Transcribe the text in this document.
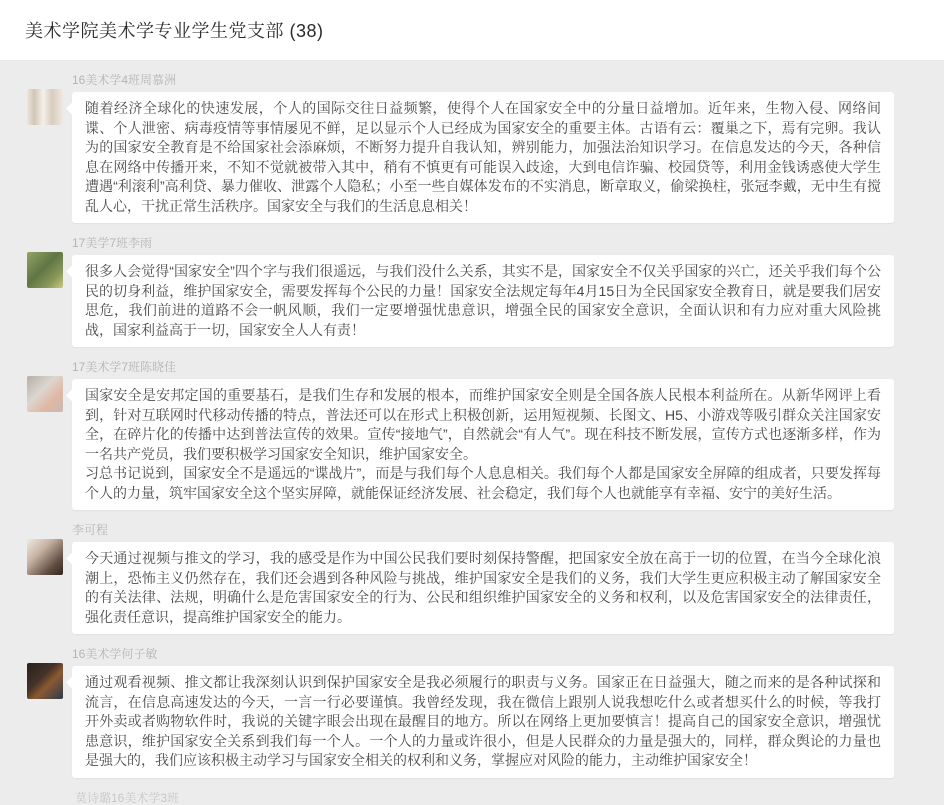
美术学院美术学专业学生党支部 (38)
16美术学4班周慕洲

随着经济全球化的快速发展，个人的国际交往日益频繁，使得个人在国家安全中的分量日益增加。近年来，生物入侵、网络间谍、个人泄密、病毒疫情等事情屡见不鲜，足以显示个人已经成为国家安全的重要主体。古语有云：覆巢之下，焉有完卵。我认为的国家安全教育是不给国家社会添麻烦，不断努力提升自我认知，辨别能力，加强法治知识学习。在信息发达的今天，各种信息在网络中传播开来，不知不觉就被带入其中，稍有不慎更有可能误入歧途，大到电信诈骗、校园贷等，利用金钱诱惑使大学生遭遇“利滚利”高利贷、暴力催收、泄露个人隐私；小至一些自媒体发布的不实消息，断章取义，偷梁换柱，张冠李戴，无中生有搅乱人心，干扰正常生活秩序。国家安全与我们的生活息息相关！

17美学7班李雨

很多人会觉得“国家安全”四个字与我们很遥远，与我们没什么关系，其实不是，国家安全不仅关乎国家的兴亡，还关乎我们每个公民的切身利益，维护国家安全，需要发挥每个公民的力量！国家安全法规定每年4月15日为全民国家安全教育日，就是要我们居安思危，我们前进的道路不会一帆风顺，我们一定要增强忧患意识，增强全民的国家安全意识，全面认识和有力应对重大风险挑战，国家利益高于一切，国家安全人人有责！

17美术学7班陈晓佳

国家安全是安邦定国的重要基石，是我们生存和发展的根本，而维护国家安全则是全国各族人民根本利益所在。从新华网评上看到，针对互联网时代移动传播的特点，普法还可以在形式上积极创新，运用短视频、长图文、H5、小游戏等吸引群众关注国家安全，在碎片化的传播中达到普法宣传的效果。宣传“接地气”，自然就会“有人气”。现在科技不断发展，宣传方式也逐渐多样，作为一名共产党员，我们要积极学习国家安全知识，维护国家安全。

习总书记说到，国家安全不是遥远的“谍战片”，而是与我们每个人息息相关。我们每个人都是国家安全屏障的组成者，只要发挥每个人的力量，筑牢国家安全这个坚实屏障，就能保证经济发展、社会稳定，我们每个人也就能享有幸福、安宁的美好生活。

李可程

今天通过视频与推文的学习，我的感受是作为中国公民我们要时刻保持警醒，把国家安全放在高于一切的位置，在当今全球化浪潮上，恐怖主义仍然存在，我们还会遇到各种风险与挑战，维护国家安全是我们的义务，我们大学生更应积极主动了解国家安全的有关法律、法规，明确什么是危害国家安全的行为、公民和组织维护国家安全的义务和权利，以及危害国家安全的法律责任，强化责任意识，提高维护国家安全的能力。

16美术学何子敏

通过观看视频、推文都让我深刻认识到保护国家安全是我必须履行的职责与义务。国家正在日益强大，随之而来的是各种试探和流言，在信息高速发达的今天，一言一行必要谨慎。我曾经发现，我在微信上跟别人说我想吃什么或者想买什么的时候，等我打开外卖或者购物软件时，我说的关键字眼会出现在最醒目的地方。所以在网络上更加要慎言！提高自己的国家安全意识，增强忧患意识，维护国家安全关系到我们每一个人。一个人的力量或许很小，但是人民群众的力量是强大的，同样，群众舆论的力量也是强大的，我们应该积极主动学习与国家安全相关的权利和义务，掌握应对风险的能力，主动维护国家安全！

莫诗璐16美术学3班
